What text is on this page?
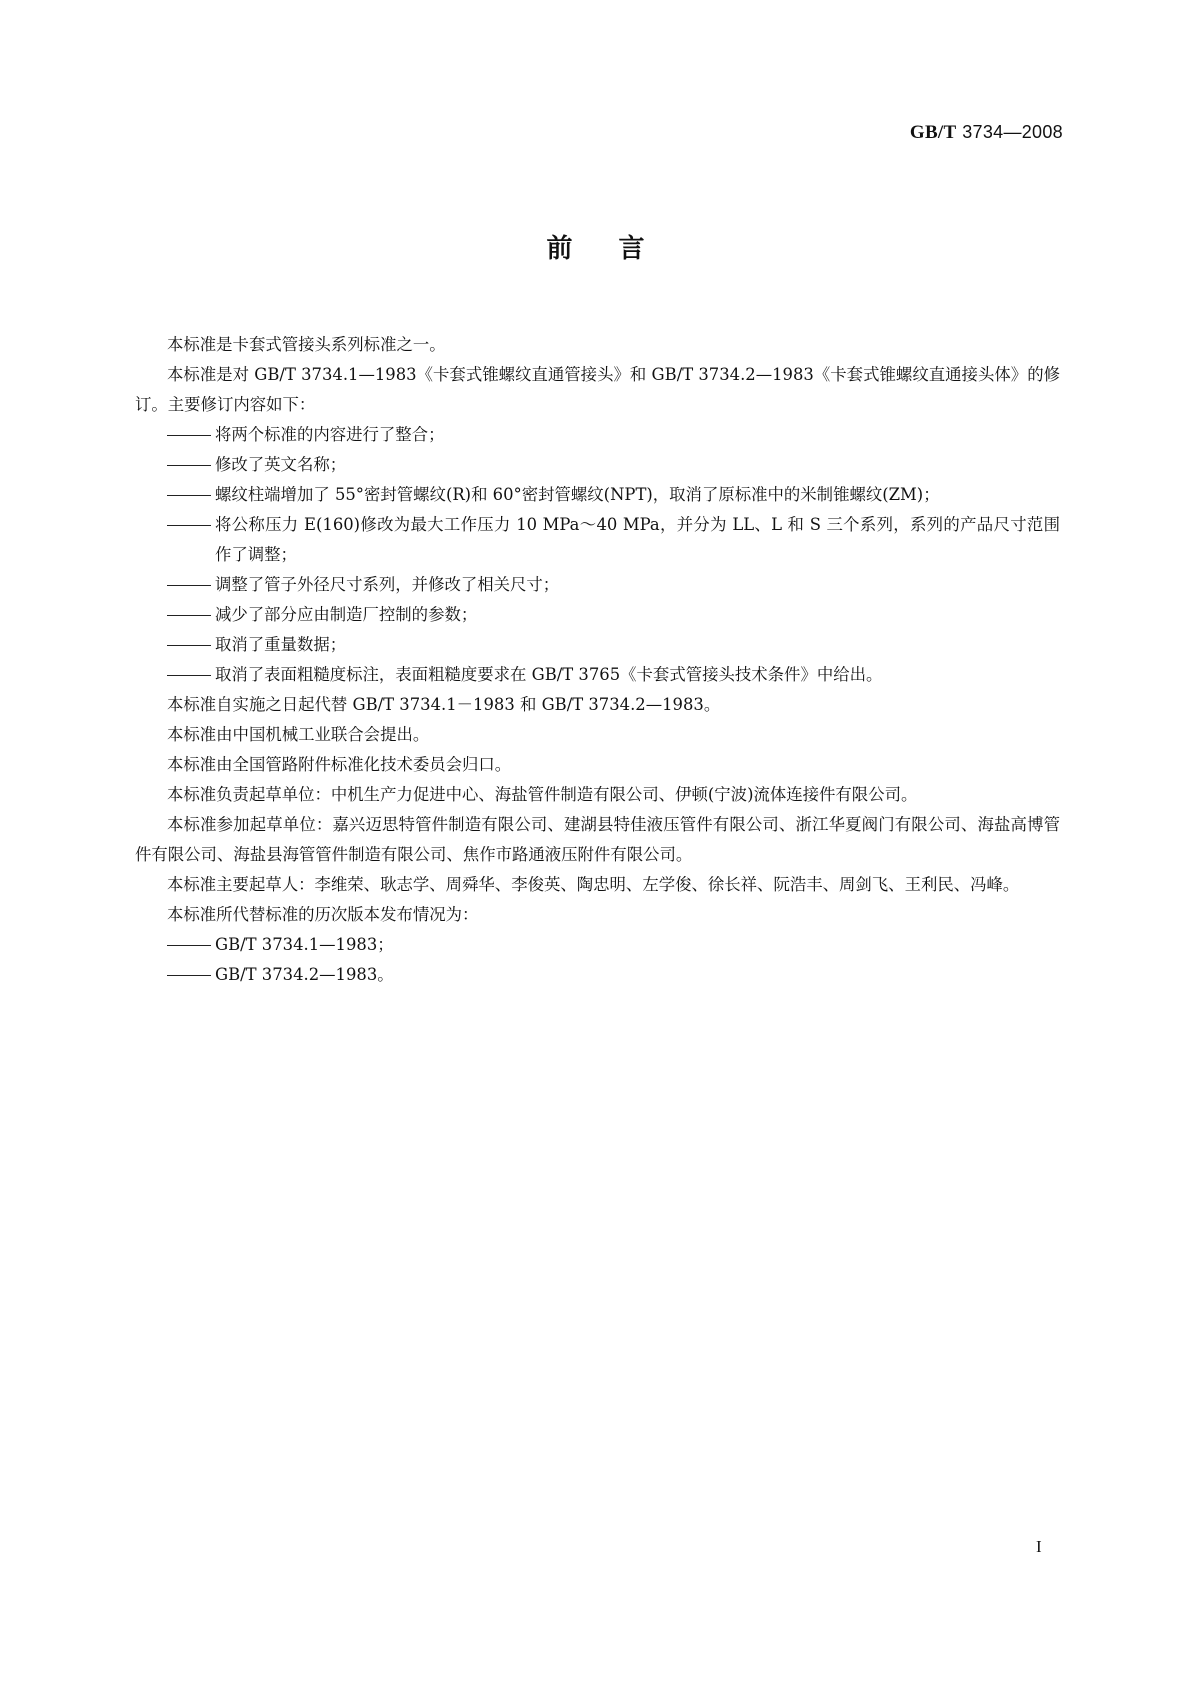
GB/T 3734—2008
前言

本标准是卡套式管接头系列标准之一。

本标准是对 GB/T 3734.1—1983《卡套式锥螺纹直通管接头》和 GB/T 3734.2—1983《卡套式锥螺纹直通接头体》的修订。主要修订内容如下：

将两个标准的内容进行了整合；
修改了英文名称；
螺纹柱端增加了 55°密封管螺纹(R)和 60°密封管螺纹(NPT)，取消了原标准中的米制锥螺纹(ZM)；
将公称压力 E(160)修改为最大工作压力 10 MPa～40 MPa，并分为 LL、L 和 S 三个系列，系列的产品尺寸范围作了调整；
调整了管子外径尺寸系列，并修改了相关尺寸；
减少了部分应由制造厂控制的参数；
取消了重量数据；
取消了表面粗糙度标注，表面粗糙度要求在 GB/T 3765《卡套式管接头技术条件》中给出。

本标准自实施之日起代替 GB/T 3734.1－1983 和 GB/T 3734.2—1983。

本标准由中国机械工业联合会提出。

本标准由全国管路附件标准化技术委员会归口。

本标准负责起草单位：中机生产力促进中心、海盐管件制造有限公司、伊顿(宁波)流体连接件有限公司。

本标准参加起草单位：嘉兴迈思特管件制造有限公司、建湖县特佳液压管件有限公司、浙江华夏阀门有限公司、海盐高博管件有限公司、海盐县海管管件制造有限公司、焦作市路通液压附件有限公司。

本标准主要起草人：李维荣、耿志学、周舜华、李俊英、陶忠明、左学俊、徐长祥、阮浩丰、周剑飞、王利民、冯峰。

本标准所代替标准的历次版本发布情况为：

GB/T 3734.1—1983；
GB/T 3734.2—1983。
I
